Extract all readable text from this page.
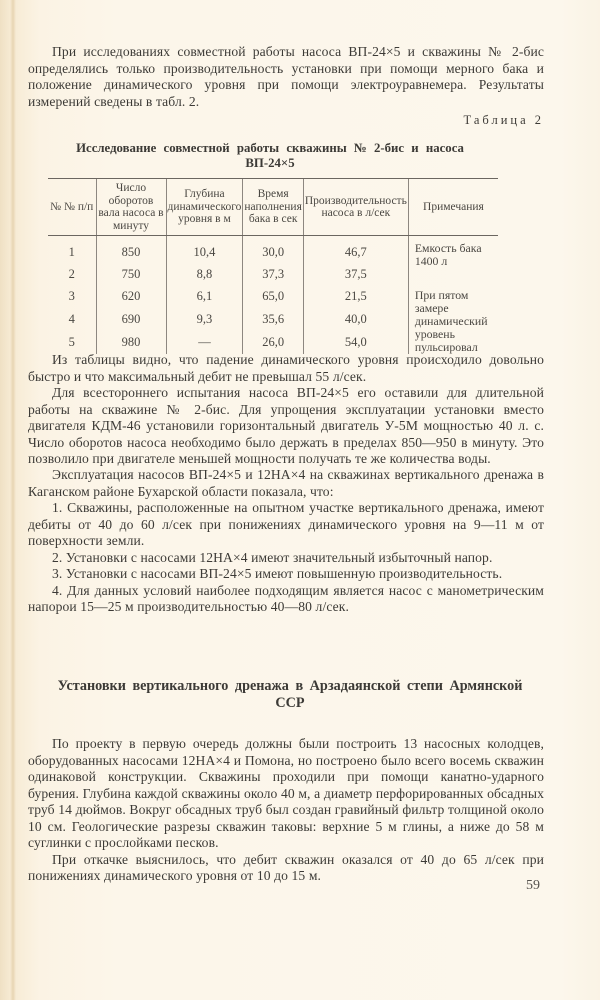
При исследованиях совместной работы насоса ВП-24×5 и скважины № 2-бис определялись только производительность установки при помощи мерного бака и положение динамического уровня при помощи электроуравнемера. Результаты измерений сведены в табл. 2.

Таблица 2
Исследование совместной работы скважины № 2-бис и насоса ВП-24×5
№ № п/п	Число оборотов вала насоса в минуту	Глубина динамического уровня в м	Время наполнения бака в сек	Производительность насоса в л/сек	Примечания
1	850	10,4	30,0	46,7	Емкость бака 1400 л
2	750	8,8	37,3	37,5	
3	620	6,1	65,0	21,5	При пятом замере динамический уровень пульсировал
4	690	9,3	35,6	40,0	
5	980	—	26,0	54,0	

Из таблицы видно, что падение динамического уровня происходило довольно быстро и что максимальный дебит не превышал 55 л/сек.

Для всестороннего испытания насоса ВП-24×5 его оставили для длительной работы на скважине № 2-бис. Для упрощения эксплуатации установки вместо двигателя КДМ-46 установили горизонтальный двигатель У-5М мощностью 40 л. с. Число оборотов насоса необходимо было держать в пределах 850—950 в минуту. Это позволило при двигателе меньшей мощности получать те же количества воды.

Эксплуатация насосов ВП-24×5 и 12НА×4 на скважинах вертикального дренажа в Каганском районе Бухарской области показала, что:

1. Скважины, расположенные на опытном участке вертикального дренажа, имеют дебиты от 40 до 60 л/сек при понижениях динамического уровня на 9—11 м от поверхности земли.

2. Установки с насосами 12НА×4 имеют значительный избыточный напор.

3. Установки с насосами ВП-24×5 имеют повышенную производительность.

4. Для данных условий наиболее подходящим является насос с манометрическим напорои 15—25 м производительностью 40—80 л/сек.

Установки вертикального дренажа в Арзадаянской степи Армянской ССР

По проекту в первую очередь должны были построить 13 насосных колодцев, оборудованных насосами 12НА×4 и Помона, но построено было всего восемь скважин одинаковой конструкции. Скважины проходили при помощи канатно-ударного бурения. Глубина каждой скважины около 40 м, а диаметр перфорированных обсадных труб 14 дюймов. Вокруг обсадных труб был создан гравийный фильтр толщиной около 10 см. Геологические разрезы скважин таковы: верхние 5 м глины, а ниже до 58 м суглинки с прослойками песков.

При откачке выяснилось, что дебит скважин оказался от 40 до 65 л/сек при понижениях динамического уровня от 10 до 15 м.

59
